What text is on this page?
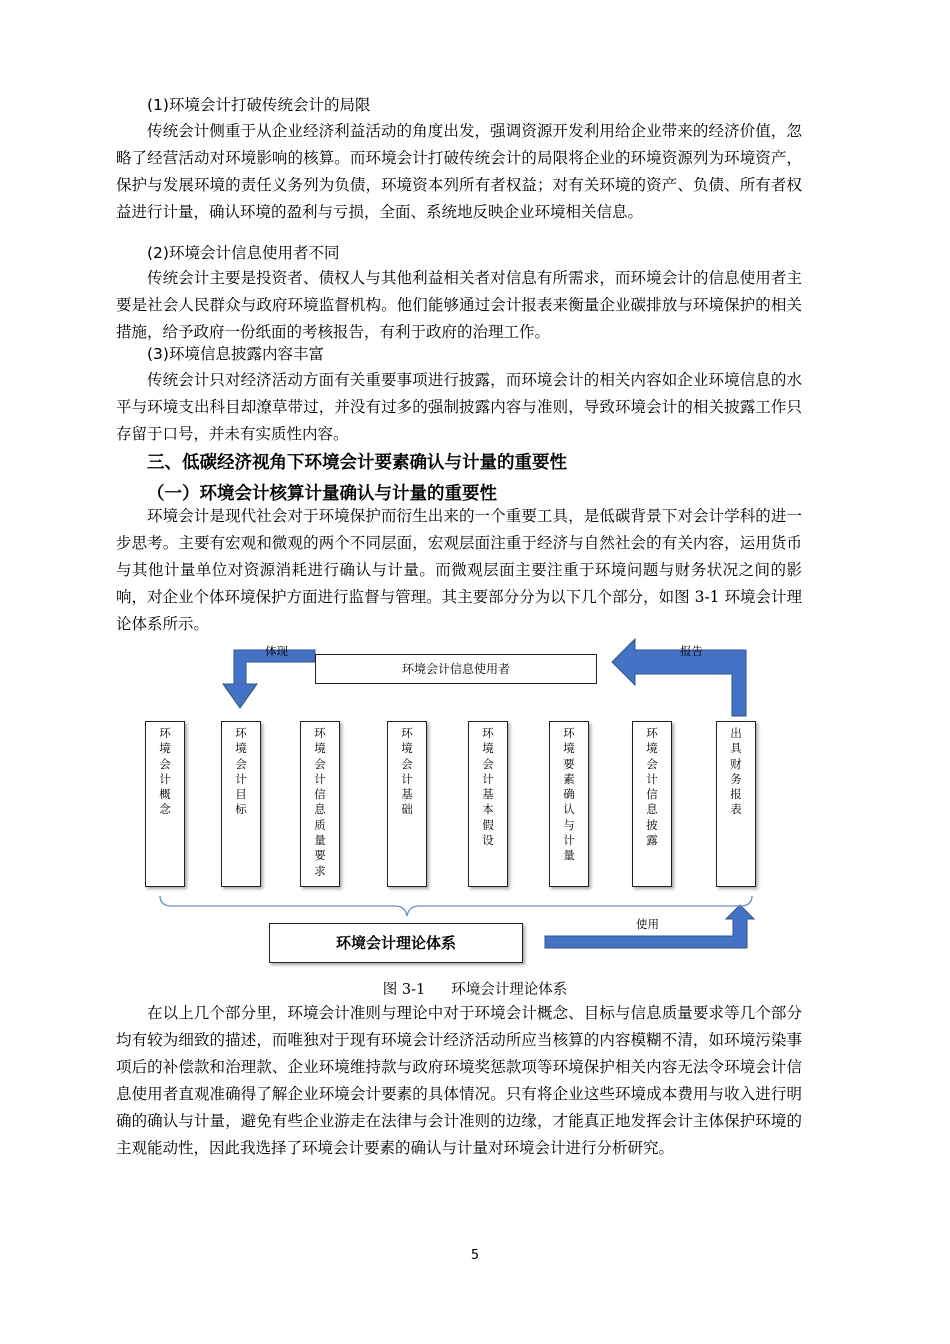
(1)环境会计打破传统会计的局限
传统会计侧重于从企业经济利益活动的角度出发，强调资源开发利用给企业带来的经济价值，忽略了经营活动对环境影响的核算。而环境会计打破传统会计的局限将企业的环境资源列为环境资产，保护与发展环境的责任义务列为负债，环境资本列所有者权益；对有关环境的资产、负债、所有者权益进行计量，确认环境的盈利与亏损，全面、系统地反映企业环境相关信息。
(2)环境会计信息使用者不同
传统会计主要是投资者、债权人与其他利益相关者对信息有所需求，而环境会计的信息使用者主要是社会人民群众与政府环境监督机构。他们能够通过会计报表来衡量企业碳排放与环境保护的相关措施，给予政府一份纸面的考核报告，有利于政府的治理工作。
(3)环境信息披露内容丰富
传统会计只对经济活动方面有关重要事项进行披露，而环境会计的相关内容如企业环境信息的水平与环境支出科目却潦草带过，并没有过多的强制披露内容与准则，导致环境会计的相关披露工作只存留于口号，并未有实质性内容。
三、低碳经济视角下环境会计要素确认与计量的重要性
（一）环境会计核算计量确认与计量的重要性
环境会计是现代社会对于环境保护而衍生出来的一个重要工具，是低碳背景下对会计学科的进一步思考。主要有宏观和微观的两个不同层面，宏观层面注重于经济与自然社会的有关内容，运用货币与其他计量单位对资源消耗进行确认与计量。而微观层面主要注重于环境问题与财务状况之间的影响，对企业个体环境保护方面进行监督与管理。其主要部分分为以下几个部分，如图 3-1 环境会计理论体系所示。
体现	报告
使用
环境会计信息使用者
环境会计概念
环境会计目标
环境会计信息质量要求
环境会计基础
环境会计基本假设
环境要素确认与计量
环境会计信息披露
出具财务报表
环境会计理论体系
图 3-1 环境会计理论体系
在以上几个部分里，环境会计准则与理论中对于环境会计概念、目标与信息质量要求等几个部分均有较为细致的描述，而唯独对于现有环境会计经济活动所应当核算的内容模糊不清，如环境污染事项后的补偿款和治理款、企业环境维持款与政府环境奖惩款项等环境保护相关内容无法令环境会计信息使用者直观准确得了解企业环境会计要素的具体情况。只有将企业这些环境成本费用与收入进行明确的确认与计量，避免有些企业游走在法律与会计准则的边缘，才能真正地发挥会计主体保护环境的主观能动性，因此我选择了环境会计要素的确认与计量对环境会计进行分析研究。
5
